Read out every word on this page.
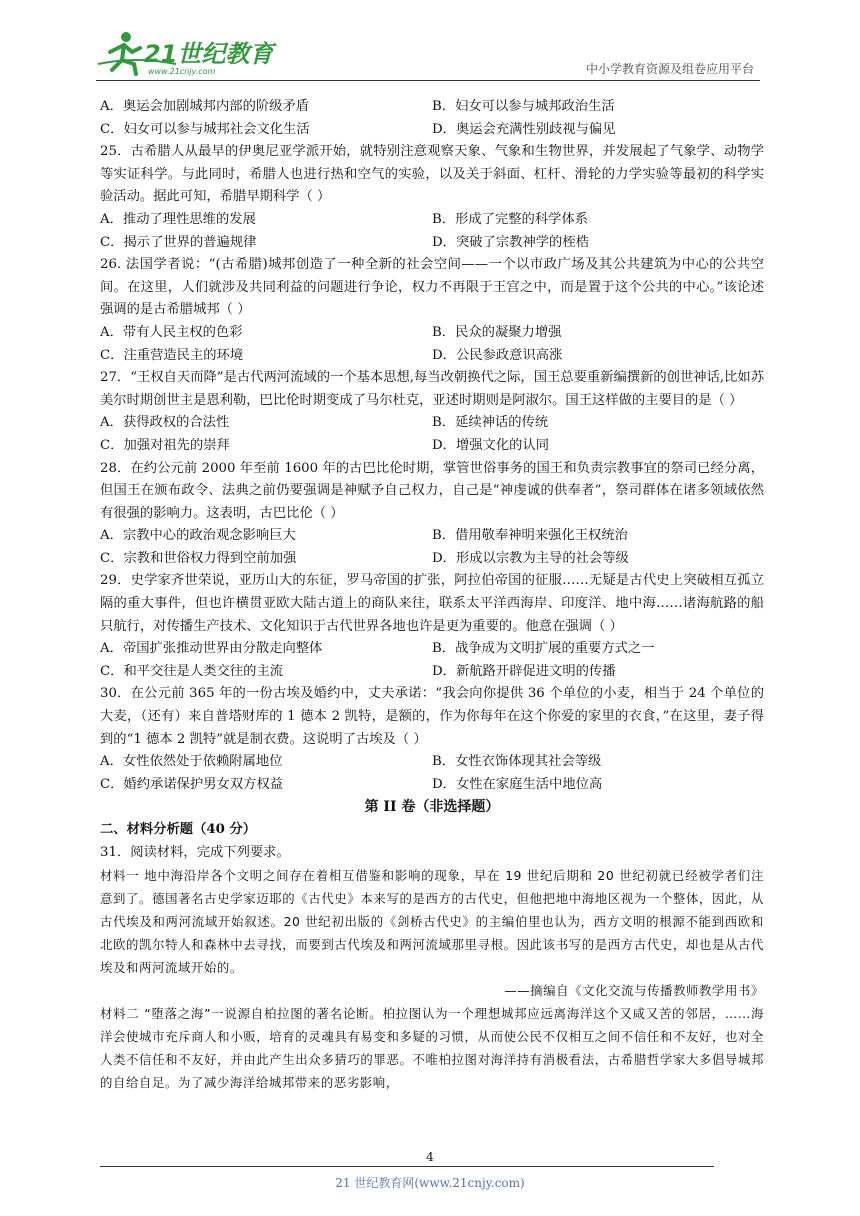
21世纪教育
www.21cnjy.com	中小学教育资源及组卷应用平台
A．奥运会加剧城邦内部的阶级矛盾	B．妇女可以参与城邦政治生活
C．妇女可以参与城邦社会文化生活	D．奥运会充满性别歧视与偏见

25．古希腊人从最早的伊奥尼亚学派开始，就特别注意观察天象、气象和生物世界，并发展起了气象学、动物学等实证科学。与此同时，希腊人也进行热和空气的实验，以及关于斜面、杠杆、滑轮的力学实验等最初的科学实验活动。据此可知，希腊早期科学（ ）

A．推动了理性思维的发展	B．形成了完整的科学体系
C．揭示了世界的普遍规律	D．突破了宗教神学的桎梏

26. 法国学者说：“(古希腊)城邦创造了一种全新的社会空间——一个以市政广场及其公共建筑为中心的公共空间。在这里，人们就涉及共同利益的问题进行争论，权力不再限于王宫之中，而是置于这个公共的中心。”该论述强调的是古希腊城邦（ ）

A．带有人民主权的色彩	B．民众的凝聚力增强
C．注重营造民主的环境	D．公民参政意识高涨

27．“王权自天而降”是古代两河流域的一个基本思想,每当改朝换代之际，国王总要重新编撰新的创世神话,比如苏美尔时期创世主是恩利勒，巴比伦时期变成了马尔杜克，亚述时期则是阿淑尔。国王这样做的主要目的是（ ）

A．获得政权的合法性	B．延续神话的传统
C．加强对祖先的崇拜	D．增强文化的认同

28．在约公元前 2000 年至前 1600 年的古巴比伦时期，掌管世俗事务的国王和负责宗教事宜的祭司已经分离，但国王在颁布政令、法典之前仍要强调是神赋予自己权力，自己是“神虔诚的供奉者”，祭司群体在诸多领域依然有很强的影响力。这表明，古巴比伦（ ）

A．宗教中心的政治观念影响巨大	B．借用敬奉神明来强化王权统治
C．宗教和世俗权力得到空前加强	D．形成以宗教为主导的社会等级

29．史学家齐世荣说，亚历山大的东征，罗马帝国的扩张，阿拉伯帝国的征服……无疑是古代史上突破相互孤立隔的重大事件，但也许横贯亚欧大陆古道上的商队来往，联系太平洋西海岸、印度洋、地中海……诸海航路的船只航行，对传播生产技术、文化知识于古代世界各地也许是更为重要的。他意在强调（ ）

A．帝国扩张推动世界由分散走向整体	B．战争成为文明扩展的重要方式之一
C．和平交往是人类交往的主流	D．新航路开辟促进文明的传播

30．在公元前 365 年的一份古埃及婚约中，丈夫承诺：“我会向你提供 36 个单位的小麦，相当于 24 个单位的大麦，（还有）来自普塔财库的 1 德本 2 凯特，是额的，作为你每年在这个你爱的家里的衣食，”在这里，妻子得到的“1 德本 2 凯特”就是制衣费。这说明了古埃及（ ）

A．女性依然处于依赖附属地位	B．女性衣饰体现其社会等级
C．婚约承诺保护男女双方权益	D．女性在家庭生活中地位高
第 II 卷（非选择题）

二、材料分析题（40 分）

31．阅读材料，完成下列要求。

材料一 地中海沿岸各个文明之间存在着相互借鉴和影响的现象，早在 19 世纪后期和 20 世纪初就已经被学者们注意到了。德国著名古史学家迈耶的《古代史》本来写的是西方的古代史，但他把地中海地区视为一个整体，因此，从古代埃及和两河流域开始叙述。20 世纪初出版的《剑桥古代史》的主编伯里也认为，西方文明的根源不能到西欧和北欧的凯尔特人和森林中去寻找，而要到古代埃及和两河流域那里寻根。因此该书写的是西方古代史，却也是从古代埃及和两河流域开始的。

——摘编自《文化交流与传播教师教学用书》

材料二 “堕落之海”一说源自柏拉图的著名论断。柏拉图认为一个理想城邦应远离海洋这个又咸又苦的邻居，……海洋会使城市充斥商人和小贩，培育的灵魂具有易变和多疑的习惯，从而使公民不仅相互之间不信任和不友好，也对全人类不信任和不友好，并由此产生出众多猜巧的罪恶。不唯柏拉图对海洋持有消极看法，古希腊哲学家大多倡导城邦的自给自足。为了减少海洋给城邦带来的恶劣影响，

4
21 世纪教育网(www.21cnjy.com)
